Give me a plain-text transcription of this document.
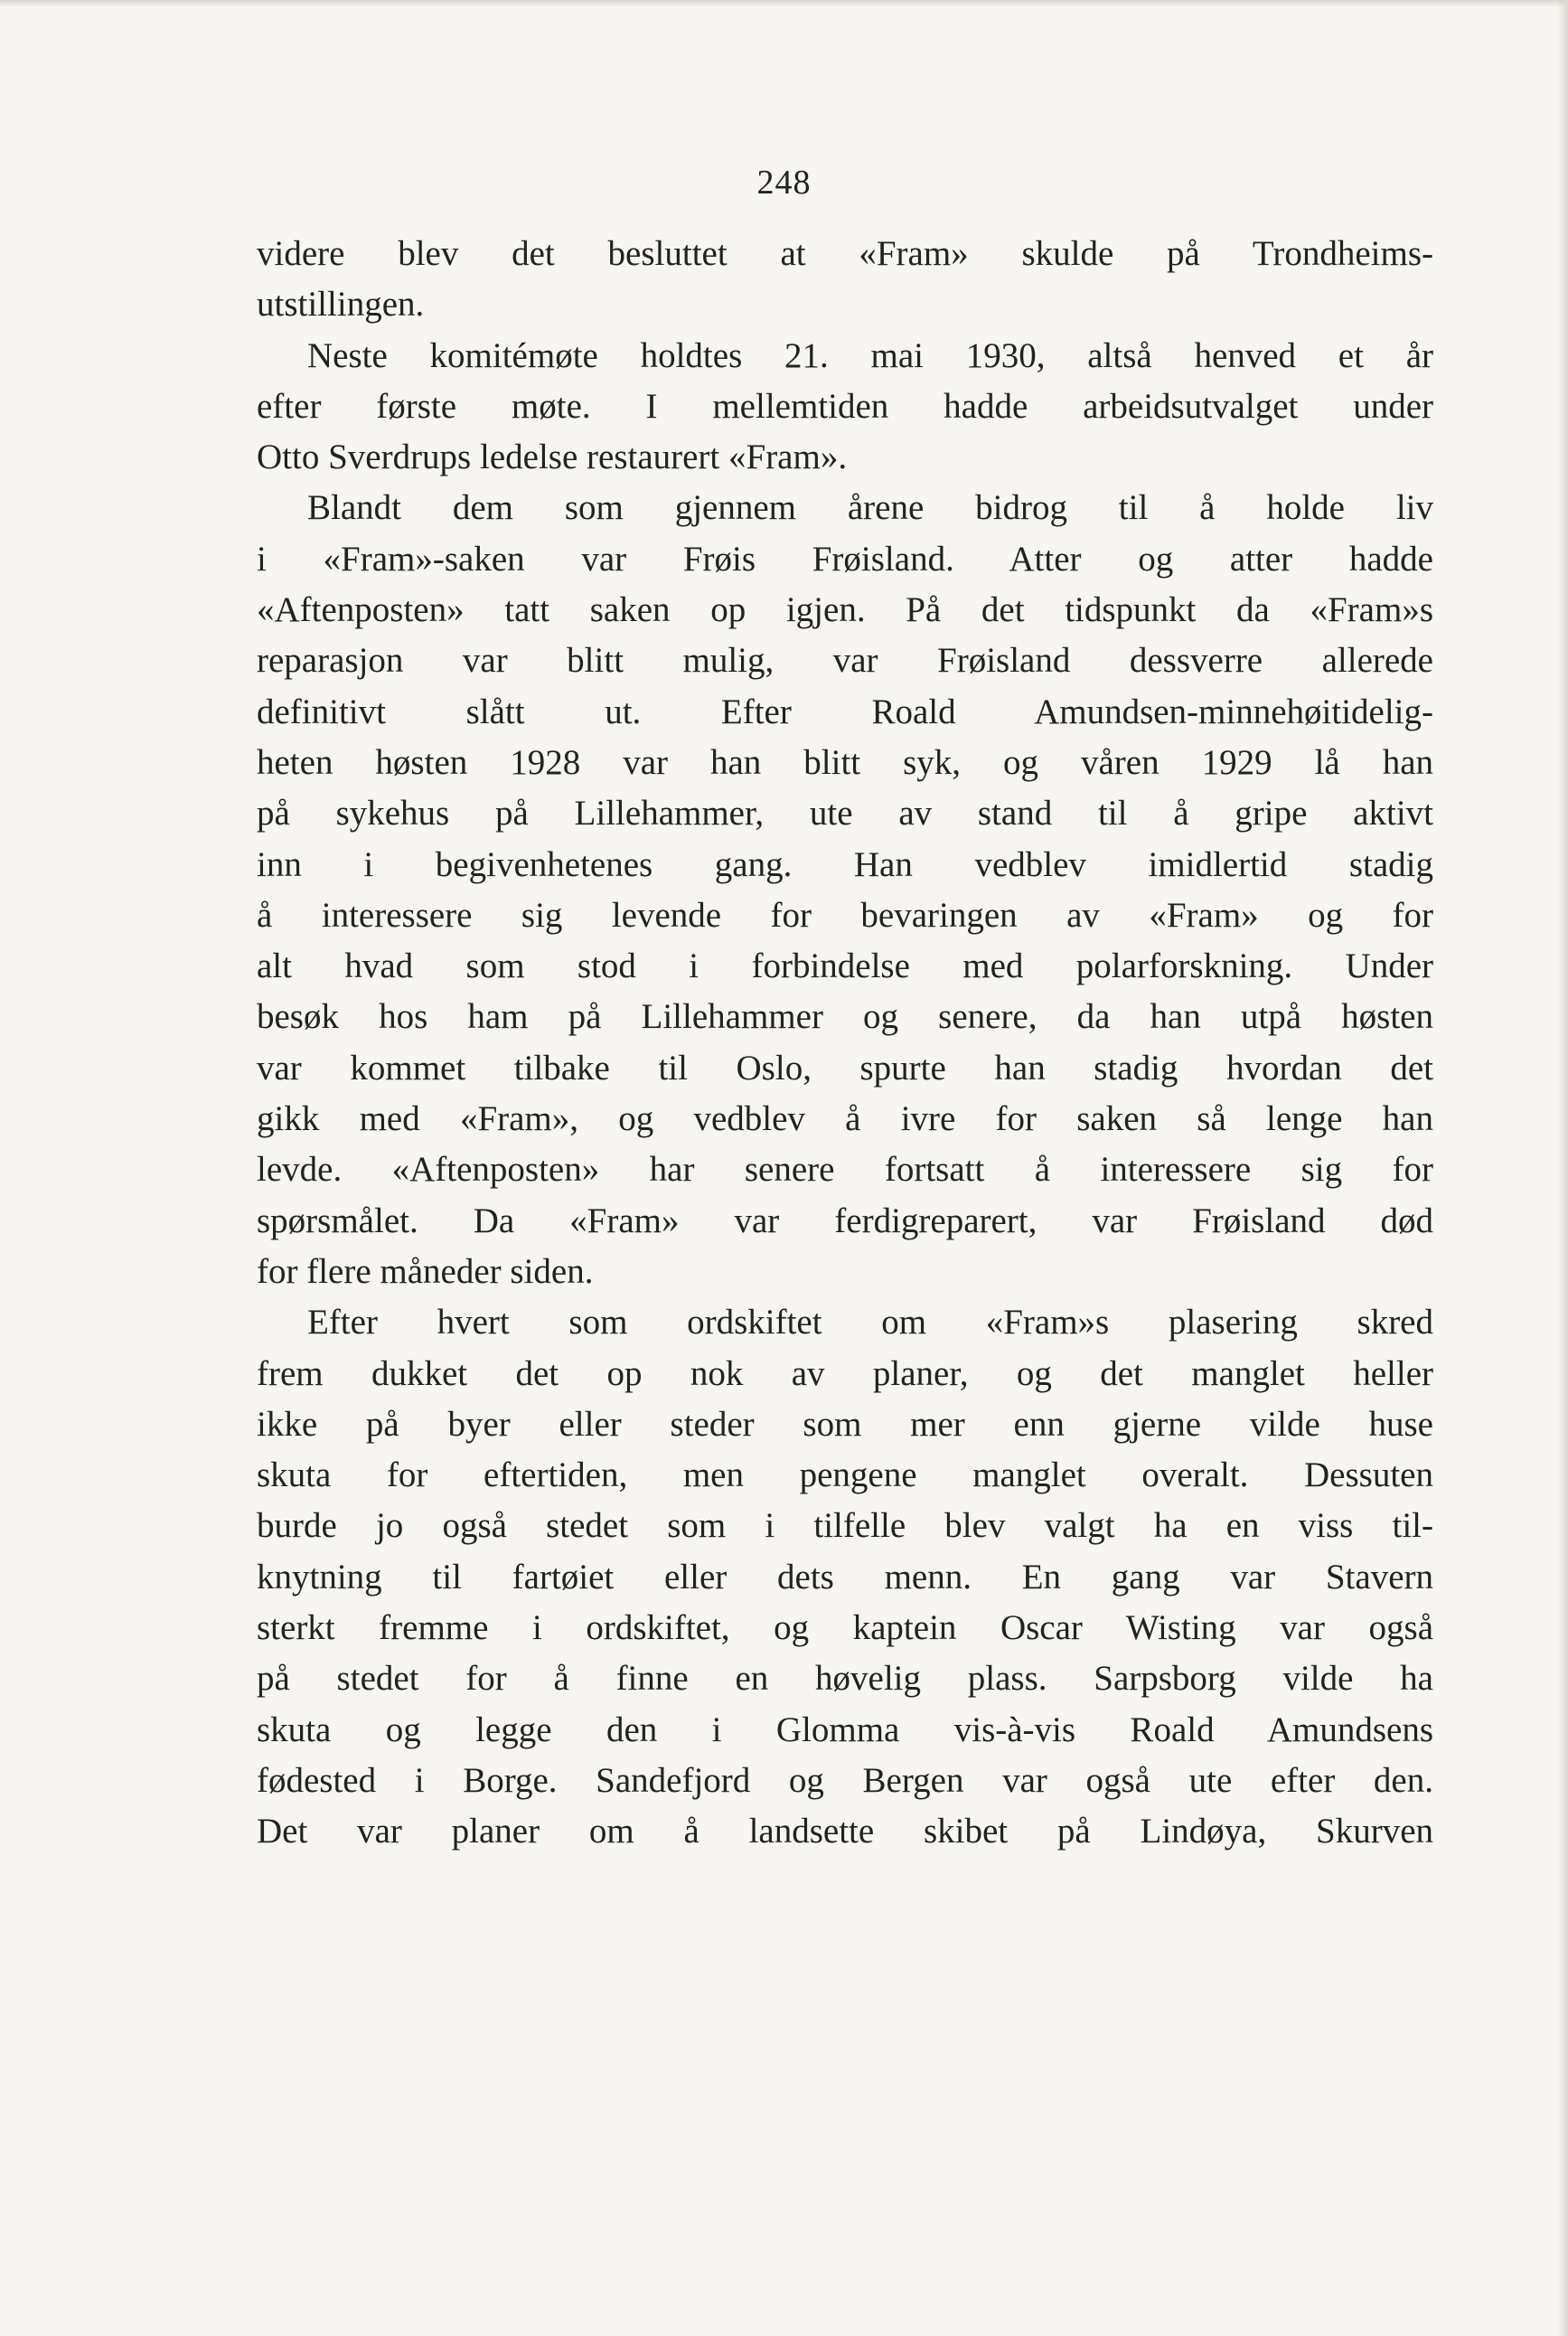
248
videre blev det besluttet at «Fram» skulde på Trondheims-
utstillingen.
Neste komitémøte holdtes 21. mai 1930, altså henved et år
efter første møte. I mellemtiden hadde arbeidsutvalget under
Otto Sverdrups ledelse restaurert «Fram».
Blandt dem som gjennem årene bidrog til å holde liv
i «Fram»-saken var Frøis Frøisland. Atter og atter hadde
«Aftenposten» tatt saken op igjen. På det tidspunkt da «Fram»s
reparasjon var blitt mulig, var Frøisland dessverre allerede
definitivt slått ut. Efter Roald Amundsen-minnehøitidelig-
heten høsten 1928 var han blitt syk, og våren 1929 lå han
på sykehus på Lillehammer, ute av stand til å gripe aktivt
inn i begivenhetenes gang. Han vedblev imidlertid stadig
å interessere sig levende for bevaringen av «Fram» og for
alt hvad som stod i forbindelse med polarforskning. Under
besøk hos ham på Lillehammer og senere, da han utpå høsten
var kommet tilbake til Oslo, spurte han stadig hvordan det
gikk med «Fram», og vedblev å ivre for saken så lenge han
levde. «Aftenposten» har senere fortsatt å interessere sig for
spørsmålet. Da «Fram» var ferdigreparert, var Frøisland død
for flere måneder siden.
Efter hvert som ordskiftet om «Fram»s plasering skred
frem dukket det op nok av planer, og det manglet heller
ikke på byer eller steder som mer enn gjerne vilde huse
skuta for eftertiden, men pengene manglet overalt. Dessuten
burde jo også stedet som i tilfelle blev valgt ha en viss til-
knytning til fartøiet eller dets menn. En gang var Stavern
sterkt fremme i ordskiftet, og kaptein Oscar Wisting var også
på stedet for å finne en høvelig plass. Sarpsborg vilde ha
skuta og legge den i Glomma vis-à-vis Roald Amundsens
fødested i Borge. Sandefjord og Bergen var også ute efter den.
Det var planer om å landsette skibet på Lindøya, Skurven
